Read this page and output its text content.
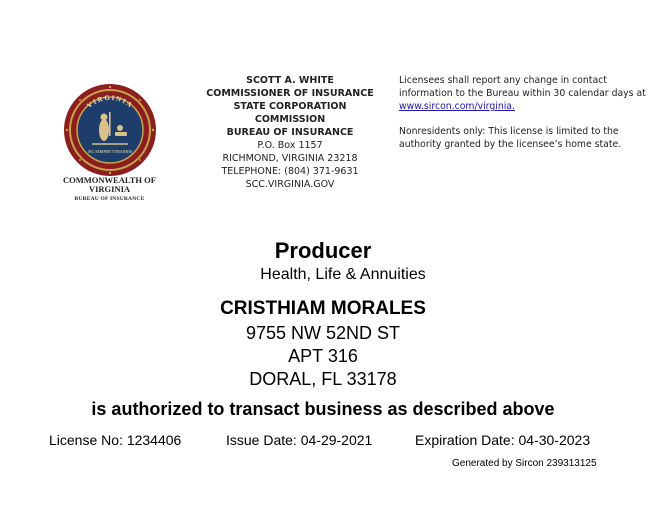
VIRGINIA
SIC SEMPER TYRANNIS
COMMONWEALTH OF
VIRGINIA
BUREAU OF INSURANCE
SCOTT A. WHITE
COMMISSIONER OF INSURANCE
STATE CORPORATION
COMMISSION
BUREAU OF INSURANCE
P.O. Box 1157
RICHMOND, VIRGINIA 23218
TELEPHONE: (804) 371-9631
SCC.VIRGINIA.GOV

Licensees shall report any change in contact information to the Bureau within 30 calendar days at www.sircon.com/virginia.

Nonresidents only: This license is limited to the authority granted by the licensee’s home state.

Producer
Health, Life & Annuities
CRISTHIAM MORALES
9755 NW 52ND ST
APT 316
DORAL, FL 33178
is authorized to transact business as described above
License No: 1234406	Issue Date: 04-29-2021	Expiration Date: 04-30-2023
Generated by Sircon 239313125
